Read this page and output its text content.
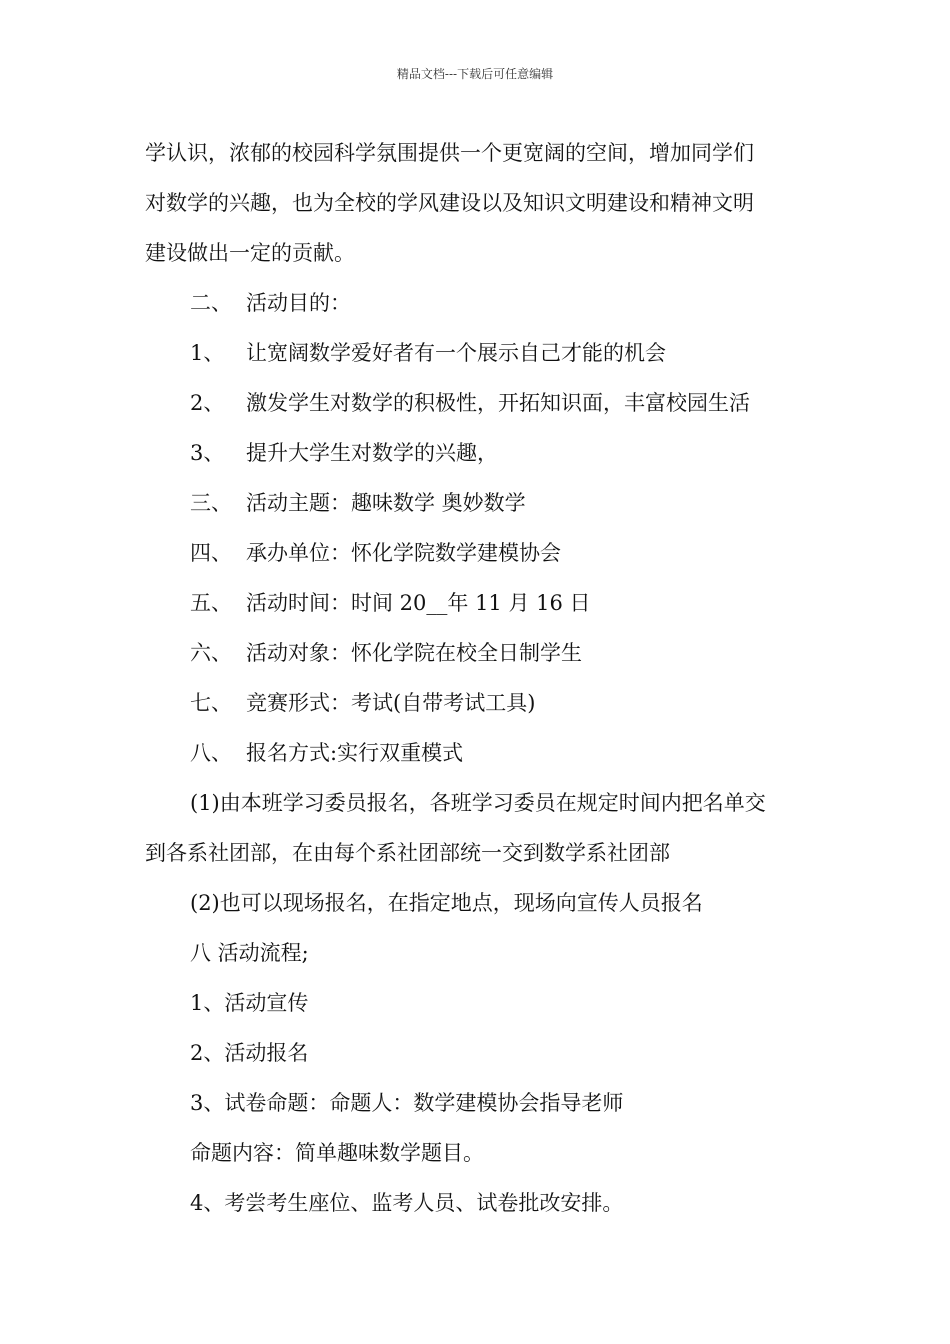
精品文档---下载后可任意编辑
学认识，浓郁的校园科学氛围提供一个更宽阔的空间，增加同学们
对数学的兴趣，也为全校的学风建设以及知识文明建设和精神文明
建设做出一定的贡献。
二、 活动目的：
1、 让宽阔数学爱好者有一个展示自己才能的机会
2、 激发学生对数学的积极性，开拓知识面，丰富校园生活
3、 提升大学生对数学的兴趣，
三、 活动主题：趣味数学 奥妙数学
四、 承办单位：怀化学院数学建模协会
五、 活动时间：时间 20__年 11 月 16 日
六、 活动对象：怀化学院在校全日制学生
七、 竞赛形式：考试(自带考试工具)
八、 报名方式:实行双重模式
(1)由本班学习委员报名，各班学习委员在规定时间内把名单交
到各系社团部，在由每个系社团部统一交到数学系社团部
(2)也可以现场报名，在指定地点，现场向宣传人员报名
八 活动流程;
1、活动宣传
2、活动报名
3、试卷命题：命题人：数学建模协会指导老师
命题内容：简单趣味数学题目。
4、考尝考生座位、监考人员、试卷批改安排。
